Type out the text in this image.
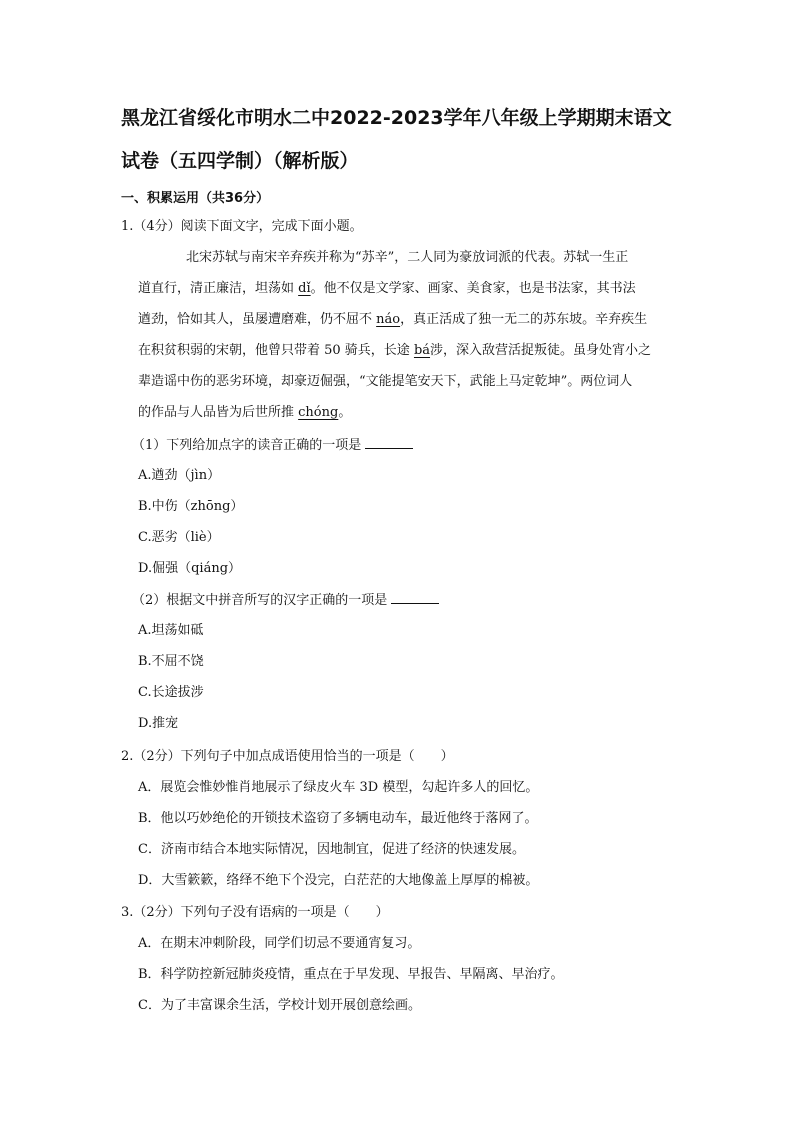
黑龙江省绥化市明水二中2022-2023学年八年级上学期期末语文
试卷（五四学制）（解析版）
一、积累运用（共36分）
1.（4分）阅读下面文字，完成下面小题。
北宋苏轼与南宋辛弃疾并称为“苏辛”，二人同为豪放词派的代表。苏轼一生正
道直行，清正廉洁，坦荡如 dǐ。他不仅是文学家、画家、美食家，也是书法家，其书法
遒劲，恰如其人，虽屡遭磨难，仍不屈不 náo，真正活成了独一无二的苏东坡。辛弃疾生
在积贫积弱的宋朝，他曾只带着 50 骑兵，长途 bá涉，深入敌营活捉叛徒。虽身处宵小之
辈造谣中伤的恶劣环境，却豪迈倔强，“文能提笔安天下，武能上马定乾坤”。两位词人
的作品与人品皆为后世所推 chóng。
（1）下列给加点字的读音正确的一项是
A.遒劲（jìn）
B.中伤（zhōng）
C.恶劣（liè）
D.倔强（qiáng）
（2）根据文中拼音所写的汉字正确的一项是
A.坦荡如砥
B.不屈不饶
C.长途拔涉
D.推宠
2.（2分）下列句子中加点成语使用恰当的一项是（　　）
A．展览会惟妙惟肖地展示了绿皮火车 3D 模型，勾起许多人的回忆。
B．他以巧妙绝伦的开锁技术盗窃了多辆电动车，最近他终于落网了。
C．济南市结合本地实际情况，因地制宜，促进了经济的快速发展。
D．大雪簌簌，络绎不绝下个没完，白茫茫的大地像盖上厚厚的棉被。
3.（2分）下列句子没有语病的一项是（　　）
A．在期末冲刺阶段，同学们切忌不要通宵复习。
B．科学防控新冠肺炎疫情，重点在于早发现、早报告、早隔离、早治疗。
C．为了丰富课余生活，学校计划开展创意绘画。
